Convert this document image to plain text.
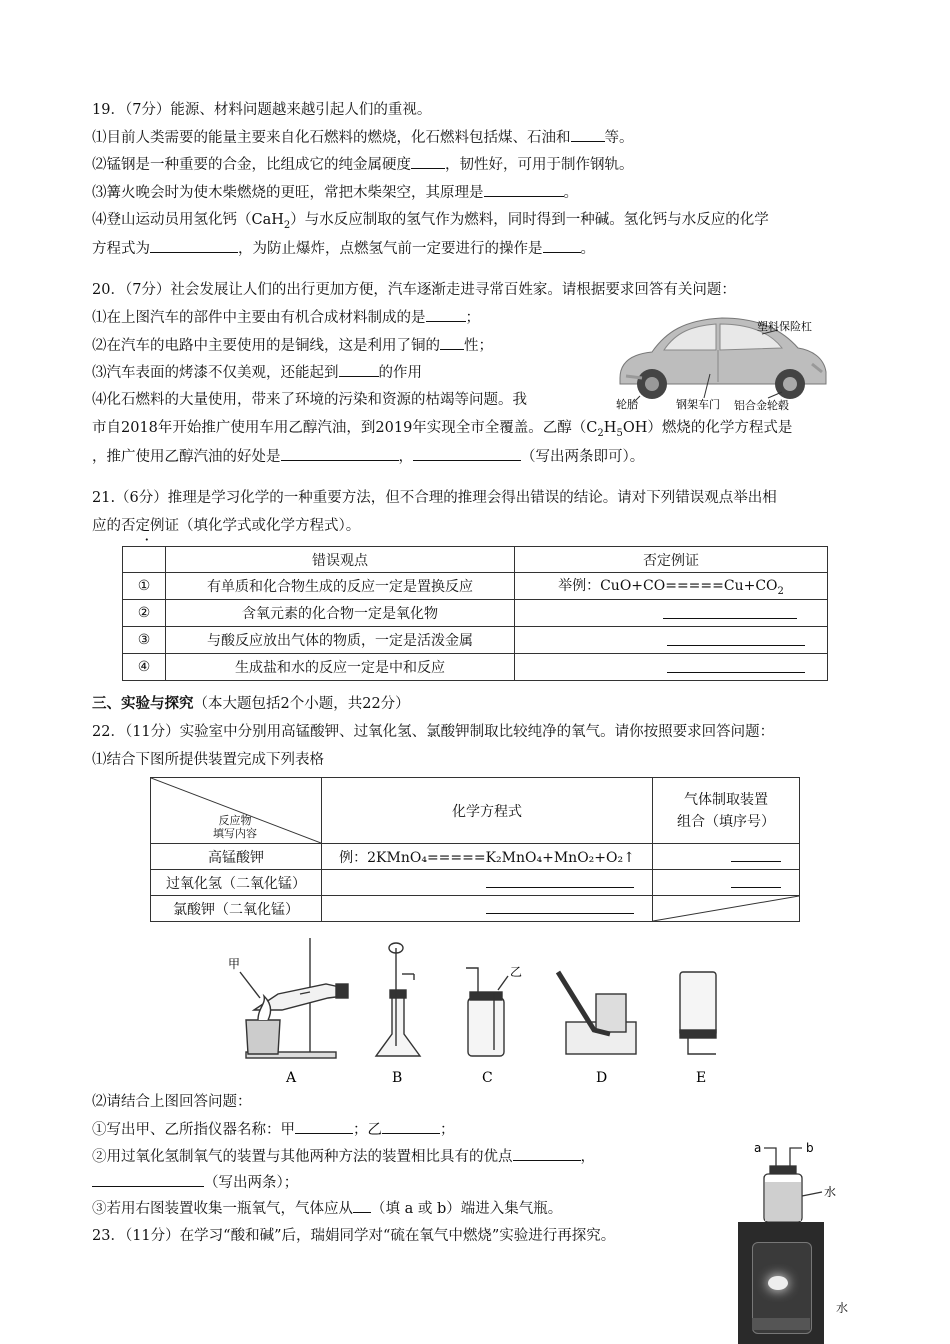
19．（7分）能源、材料问题越来越引起人们的重视。
⑴目前人类需要的能量主要来自化石燃料的燃烧，化石燃料包括煤、石油和 等。
⑵锰钢是一种重要的合金，比组成它的纯金属硬度 ，韧性好，可用于制作钢轨。
⑶篝火晚会时为使木柴燃烧的更旺，常把木柴架空，其原理是	。
⑷登山运动员用氢化钙（CaH$_2$）与水反应制取的氢气作为燃料，同时得到一种碱。氢化钙与水反应的化学
方程式为	，为防止爆炸，点燃氢气前一定要进行的操作是	。
20．（7分）社会发展让人们的出行更加方便，汽车逐渐走进寻常百姓家。请根据要求回答有关问题：
⑴在上图汽车的部件中主要由有机合成材料制成的是	；
⑵在汽车的电路中主要使用的是铜线，这是利用了铜的 性；
⑶汽车表面的烤漆不仅美观，还能起到	的作用
⑷化石燃料的大量使用，带来了环境的污染和资源的枯竭等问题。我
市自2018年开始推广使用车用乙醇汽油，到2019年实现全市全覆盖。乙醇$(C_2H_5OH)$燃烧的化学方程式是
，推广使用乙醇汽油的好处是	，	（写出两条即可）。
塑料保险杠
轮胎	钢架车门 铝合金轮毂
21.（6分）推理是学习化学的一种重要方法，但不合理的推理会得出错误的结论。请对下列错误观点举出相
应的否定例证（填化学式或化学方程式）。
	错误观点	否定例证
①	有单质和化合物生成的反应一定是置换反应	举例：$CuO+CO=====Cu+CO_2$
②	含氧元素的化合物一定是氧化物	
③	与酸反应放出气体的物质，一定是活泼金属	
④	生成盐和水的反应一定是中和反应	
三、实验与探究（本大题包括2个小题，共22分）
22．（11分）实验室中分别用高锰酸钾、过氧化氢、氯酸钾制取比较纯净的氧气。请你按照要求回答问题：
⑴结合下图所提供装置完成下列表格
反应物
填写内容	化学方程式	气体制取装置
组合（填序号）
高锰酸钾	例：2KMnO₄=====K₂MnO₄+MnO₂+O₂↑	
过氧化氢（二氧化锰）		
氯酸钾（二氧化锰）		
甲
乙
A	B	C	D	E
⑵请结合上图回答问题：
①写出甲、乙所指仪器名称：甲	；乙	；
②用过氧化氢制氧气的装置与其他两种方法的装置相比具有的优点	，
（写出两条）；
③若用右图装置收集一瓶氧气，气体应从 （填 a 或 b）端进入集气瓶。
a	b
水
23．（11分）在学习“酸和碱”后，瑞娟同学对“硫在氧气中燃烧”实验进行再探究。
水
